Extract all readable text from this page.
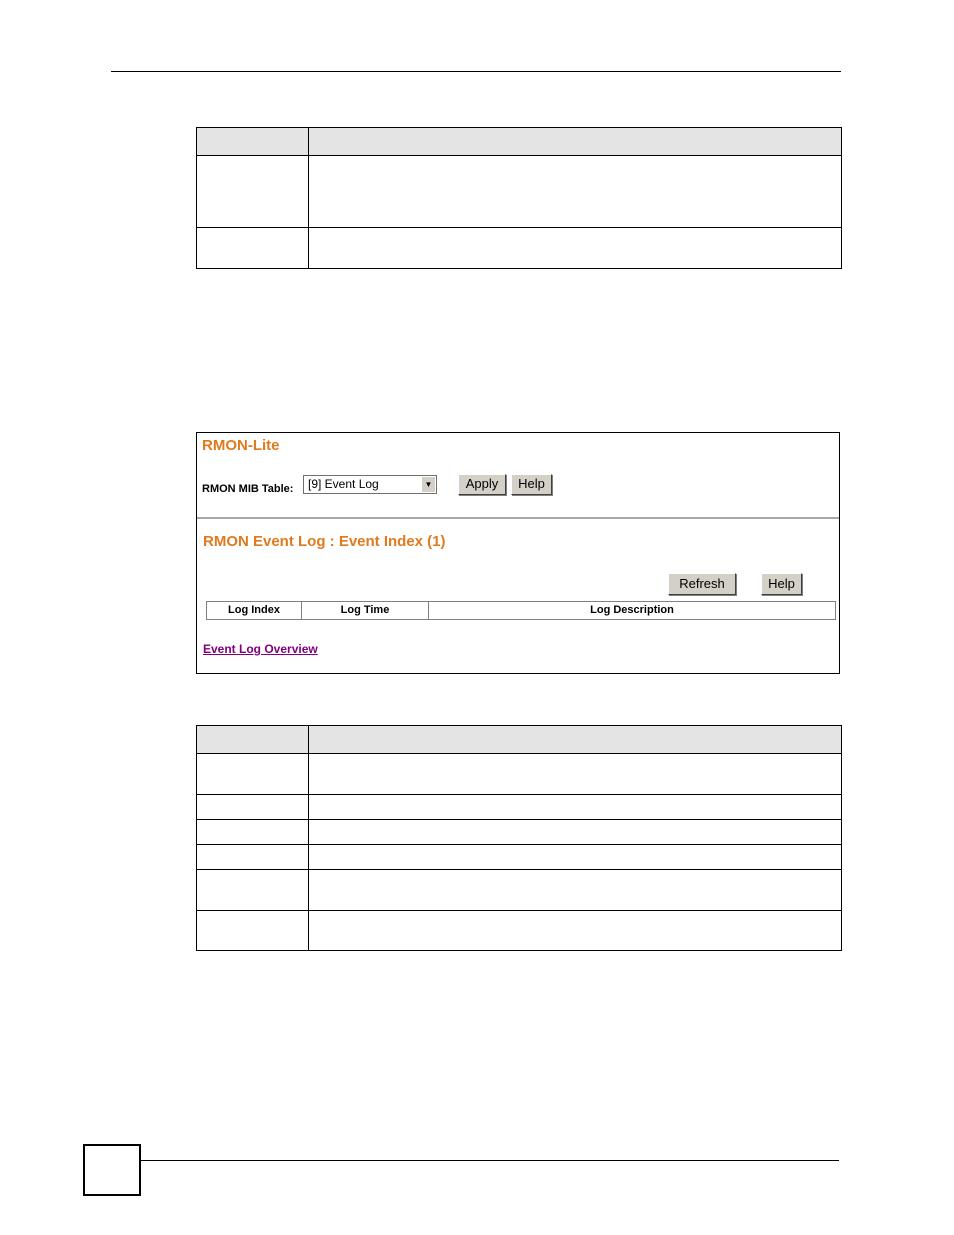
RMON-Lite
RMON MIB Table:	[9] Event Log	▼	Apply	Help
RMON Event Log : Event Index (1)
Refresh	Help
Log Index	Log Time	Log Description
Event Log Overview
